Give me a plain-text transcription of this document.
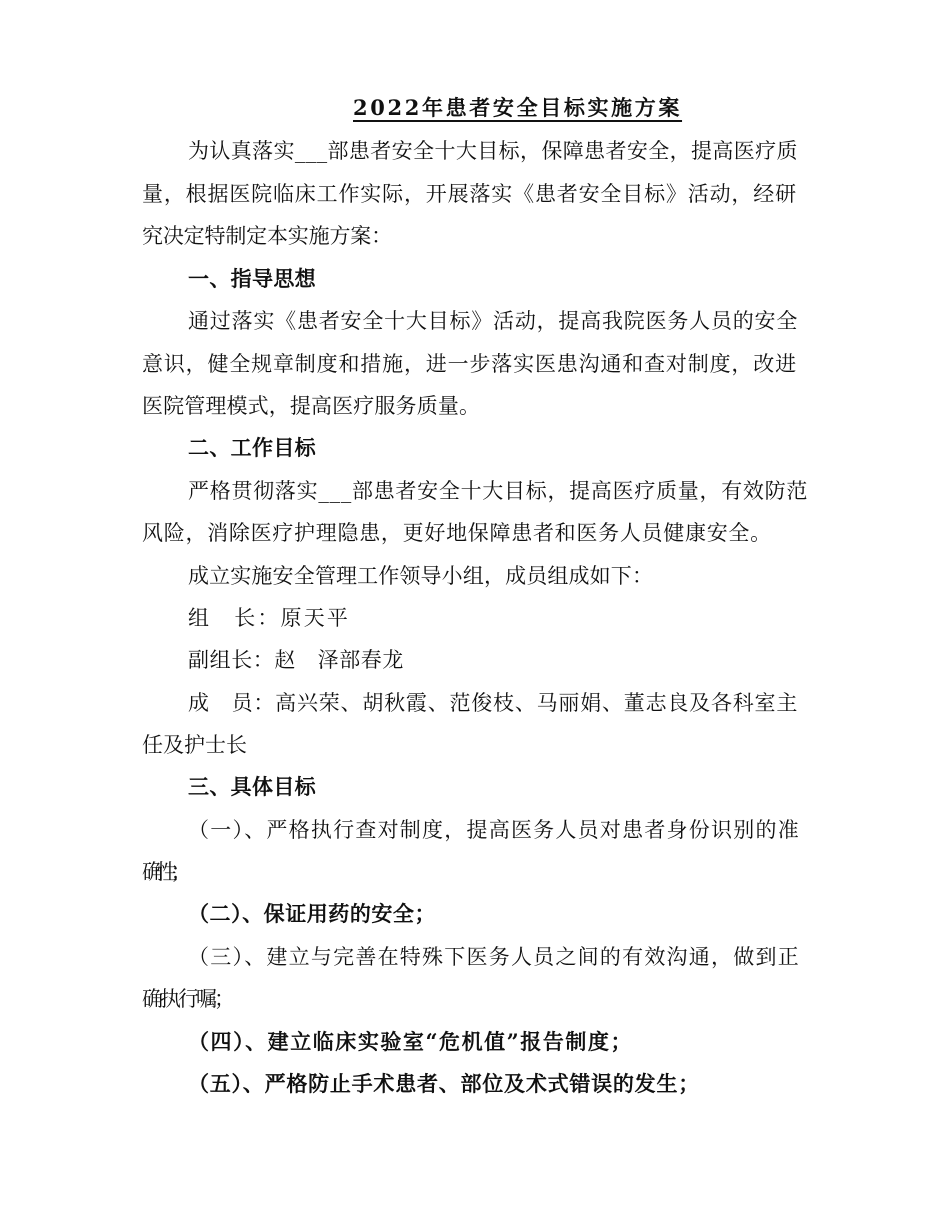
2022年患者安全目标实施方案
为认真落实___部患者安全十大目标，保障患者安全，提高医疗质
量，根据医院临床工作实际，开展落实《患者安全目标》活动，经研
究决定特制定本实施方案：
一、指导思想
通过落实《患者安全十大目标》活动，提高我院医务人员的安全
意识，健全规章制度和措施，进一步落实医患沟通和查对制度，改进
医院管理模式，提高医疗服务质量。
二、工作目标
严格贯彻落实___部患者安全十大目标，提高医疗质量，有效防范
风险，消除医疗护理隐患，更好地保障患者和医务人员健康安全。
成立实施安全管理工作领导小组，成员组成如下：
组　长：原天平
副组长：赵　泽部春龙
成　员：高兴荣、胡秋霞、范俊枝、马丽娟、董志良及各科室主
任及护士长
三、具体目标
（一）、严格执行查对制度，提高医务人员对患者身份识别的准
确性；
（二）、保证用药的安全；
（三）、建立与完善在特殊下医务人员之间的有效沟通，做到正
确执行嘱；
（四）、建立临床实验室“危机值”报告制度；
（五）、严格防止手术患者、部位及术式错误的发生；
